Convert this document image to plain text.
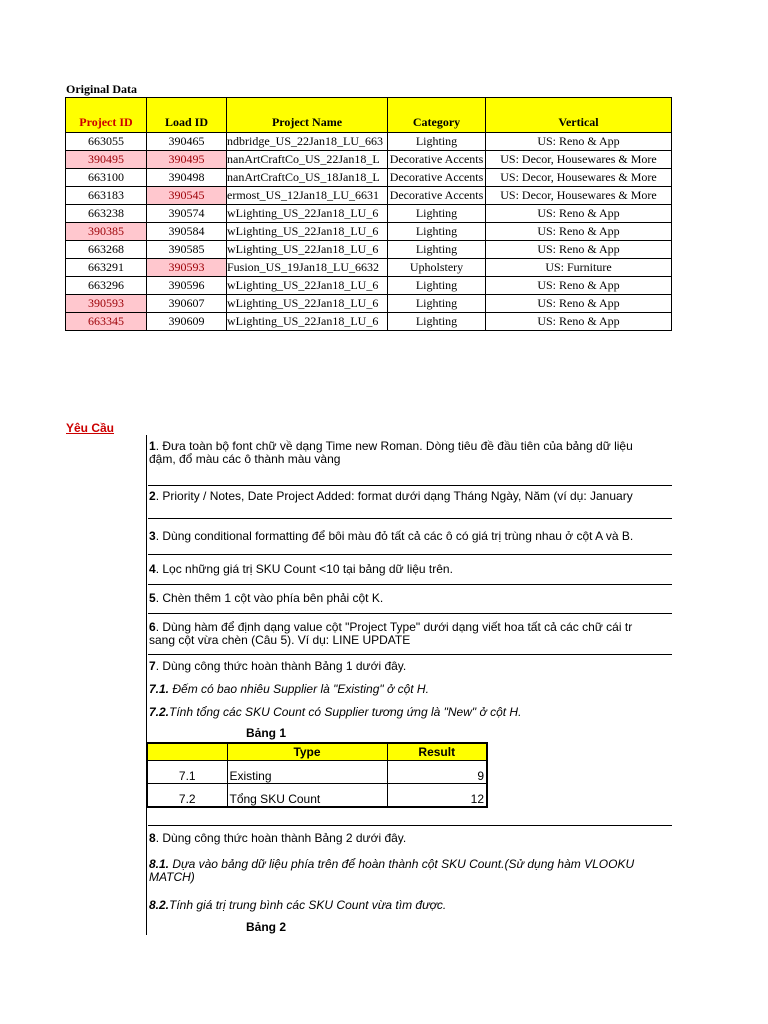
Original Data
Project ID	Load ID	Project Name	Category	Vertical
663055	390465	ndbridge_US_22Jan18_LU_663	Lighting	US: Reno & App
390495	390495	nanArtCraftCo_US_22Jan18_L	Decorative Accents	US: Decor, Housewares & More
663100	390498	nanArtCraftCo_US_18Jan18_L	Decorative Accents	US: Decor, Housewares & More
663183	390545	ermost_US_12Jan18_LU_6631	Decorative Accents	US: Decor, Housewares & More
663238	390574	wLighting_US_22Jan18_LU_6	Lighting	US: Reno & App
390385	390584	wLighting_US_22Jan18_LU_6	Lighting	US: Reno & App
663268	390585	wLighting_US_22Jan18_LU_6	Lighting	US: Reno & App
663291	390593	Fusion_US_19Jan18_LU_6632	Upholstery	US: Furniture
663296	390596	wLighting_US_22Jan18_LU_6	Lighting	US: Reno & App
390593	390607	wLighting_US_22Jan18_LU_6	Lighting	US: Reno & App
663345	390609	wLighting_US_22Jan18_LU_6	Lighting	US: Reno & App
Yêu Cầu
1. Đưa toàn bộ font chữ về dạng Time new Roman. Dòng tiêu đề đầu tiên của bảng dữ liệu
đậm, đổ màu các ô thành màu vàng
2. Priority / Notes, Date Project Added: format dưới dạng Tháng Ngày, Năm (ví dụ: January
3. Dùng conditional formatting để bôi màu đỏ tất cả các ô có giá trị trùng nhau ở cột A và B.
4. Lọc những giá trị SKU Count <10 tại bảng dữ liệu trên.
5. Chèn thêm 1 cột vào phía bên phải cột K.
6. Dùng hàm để định dạng value cột "Project Type" dưới dạng viết hoa tất cả các chữ cái tr
sang cột vừa chèn (Câu 5). Ví dụ: LINE UPDATE
7. Dùng công thức hoàn thành Bảng 1 dưới đây.
7.1. Đếm có bao nhiêu Supplier là "Existing" ở cột H.
7.2.Tính tổng các SKU Count có Supplier tương ứng là "New" ở cột H.
8. Dùng công thức hoàn thành Bảng 2 dưới đây.
8.1. Dựa vào bảng dữ liệu phía trên để hoàn thành cột SKU Count.(Sử dụng hàm VLOOKU
MATCH)
8.2.Tính giá trị trung bình các SKU Count vừa tìm được.
Bảng 1
	Type	Result
7.1	Existing	9
7.2	Tổng SKU Count	12
Bảng 2
